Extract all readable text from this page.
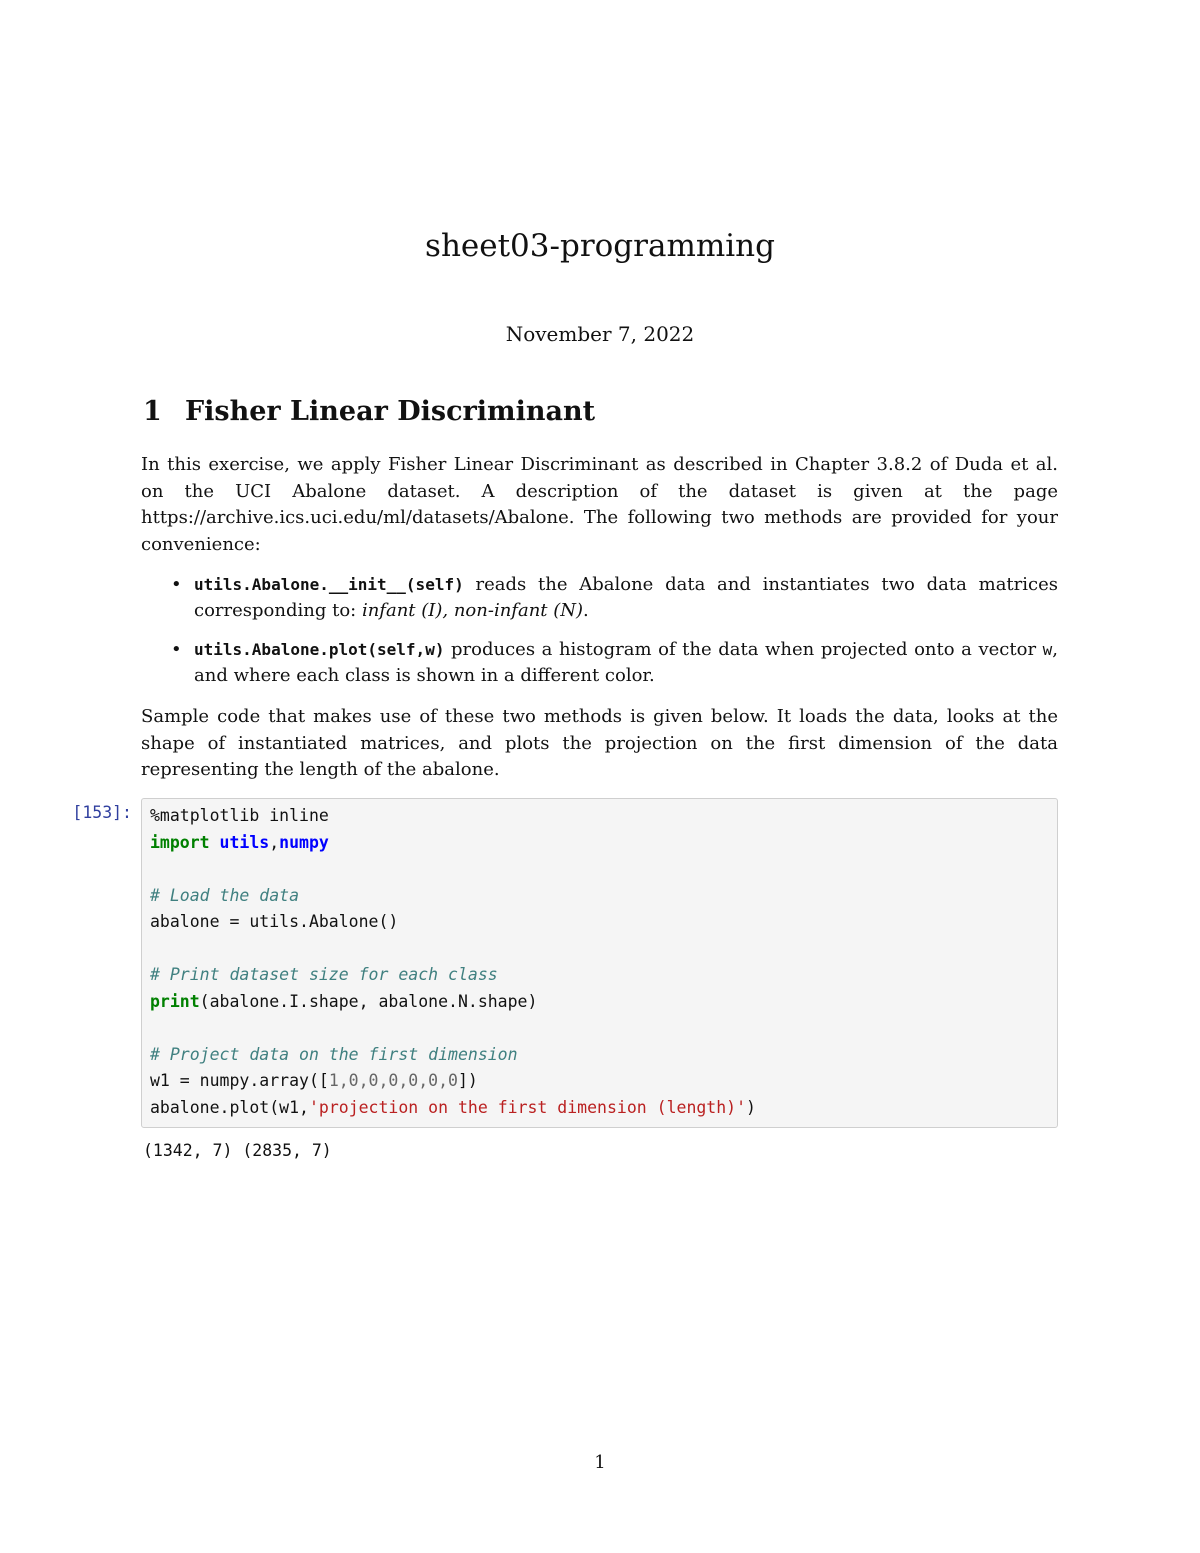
sheet03-programming
November 7, 2022
1 Fisher Linear Discriminant

In this exercise, we apply Fisher Linear Discriminant as described in Chapter 3.8.2 of Duda et al. on the UCI Abalone dataset. A description of the dataset is given at the page https://archive.ics.uci.edu/ml/datasets/Abalone. The following two methods are provided for your convenience:

• utils.Abalone.__init__(self) reads the Abalone data and instantiates two data matrices corresponding to: infant (I), non-infant (N).
• utils.Abalone.plot(self,w) produces a histogram of the data when projected onto a vector w, and where each class is shown in a different color.

Sample code that makes use of these two methods is given below. It loads the data, looks at the shape of instantiated matrices, and plots the projection on the first dimension of the data representing the length of the abalone.

[153]:	%matplotlib inline
import utils,numpy

# Load the data
abalone = utils.Abalone()

# Print dataset size for each class
print(abalone.I.shape, abalone.N.shape)

# Project data on the first dimension
w1 = numpy.array([1,0,0,0,0,0,0])
abalone.plot(w1,'projection on the first dimension (length)')
(1342, 7) (2835, 7)
1
